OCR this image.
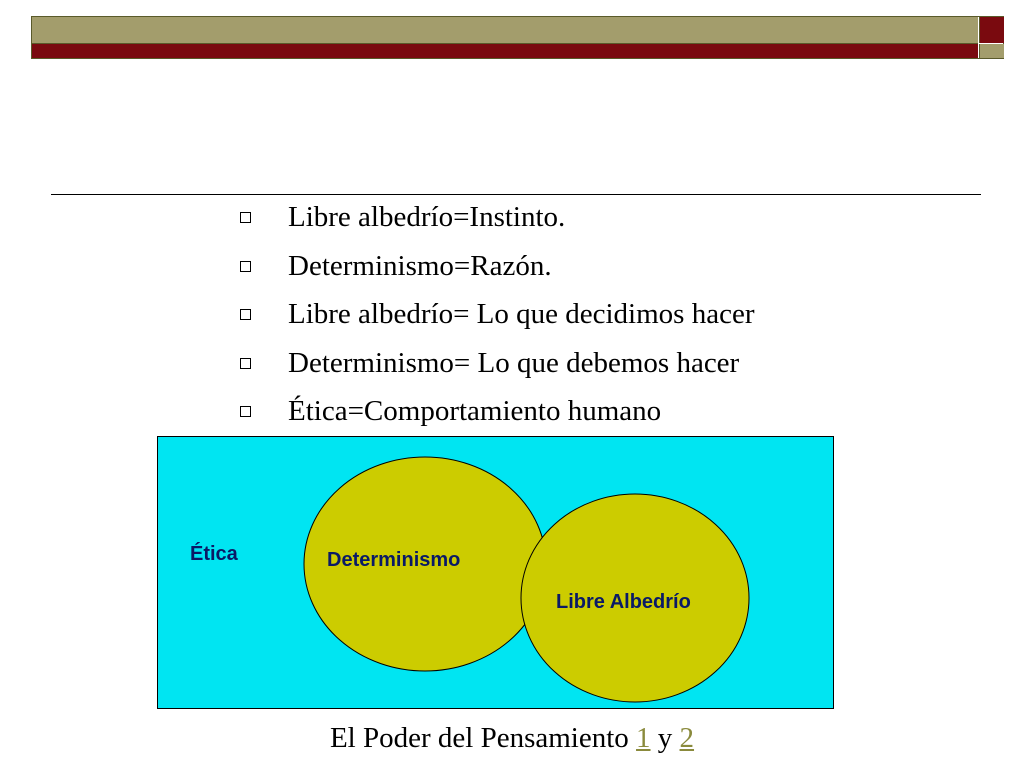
Libre albedrío=Instinto.
Determinismo=Razón.
Libre albedrío= Lo que decidimos hacer
Determinismo= Lo que debemos hacer
Ética=Comportamiento humano
Ética	Determinismo
Libre Albedrío
El Poder del Pensamiento 1 y 2
